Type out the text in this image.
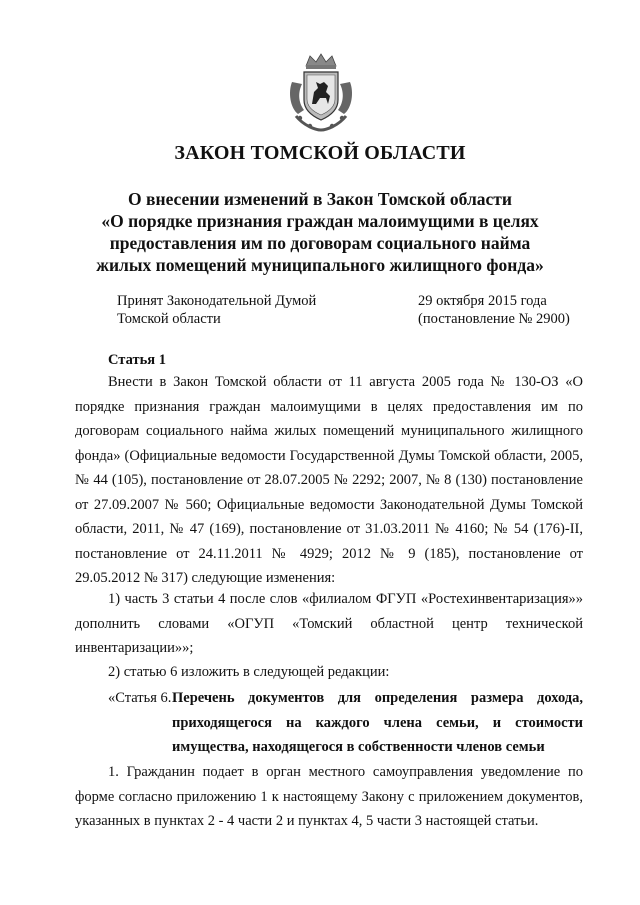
ЗАКОН ТОМСКОЙ ОБЛАСТИ
О внесении изменений в Закон Томской области
«О порядке признания граждан малоимущими в целях
предоставления им по договорам социального найма
жилых помещений муниципального жилищного фонда»
Принят Законодательной Думой
Томской области
29 октября 2015 года
(постановление № 2900)
Статья 1
Внести в Закон Томской области от 11 августа 2005 года № 130-ОЗ «О порядке признания граждан малоимущими в целях предоставления им по договорам социального найма жилых помещений муниципального жилищного фонда» (Официальные ведомости Государственной Думы Томской области, 2005, № 44 (105), постановление от 28.07.2005 № 2292; 2007, № 8 (130) постановление от 27.09.2007 № 560; Официальные ведомости Законодательной Думы Томской области, 2011, № 47 (169), постановление от 31.03.2011 № 4160; № 54 (176)-II, постановление от 24.11.2011 № 4929; 2012 № 9 (185), постановление от 29.05.2012 № 317) следующие изменения:
1) часть 3 статьи 4 после слов «филиалом ФГУП «Ростехинвентаризация»» дополнить словами «ОГУП «Томский областной центр технической инвентаризации»»;
2) статью 6 изложить в следующей редакции:
«Статья 6. Перечень документов для определения размера дохода, приходящегося на каждого члена семьи, и стоимости имущества, находящегося в собственности членов семьи
1. Гражданин подает в орган местного самоуправления уведомление по форме согласно приложению 1 к настоящему Закону с приложением документов, указанных в пунктах 2 - 4 части 2 и пунктах 4, 5 части 3 настоящей статьи.
